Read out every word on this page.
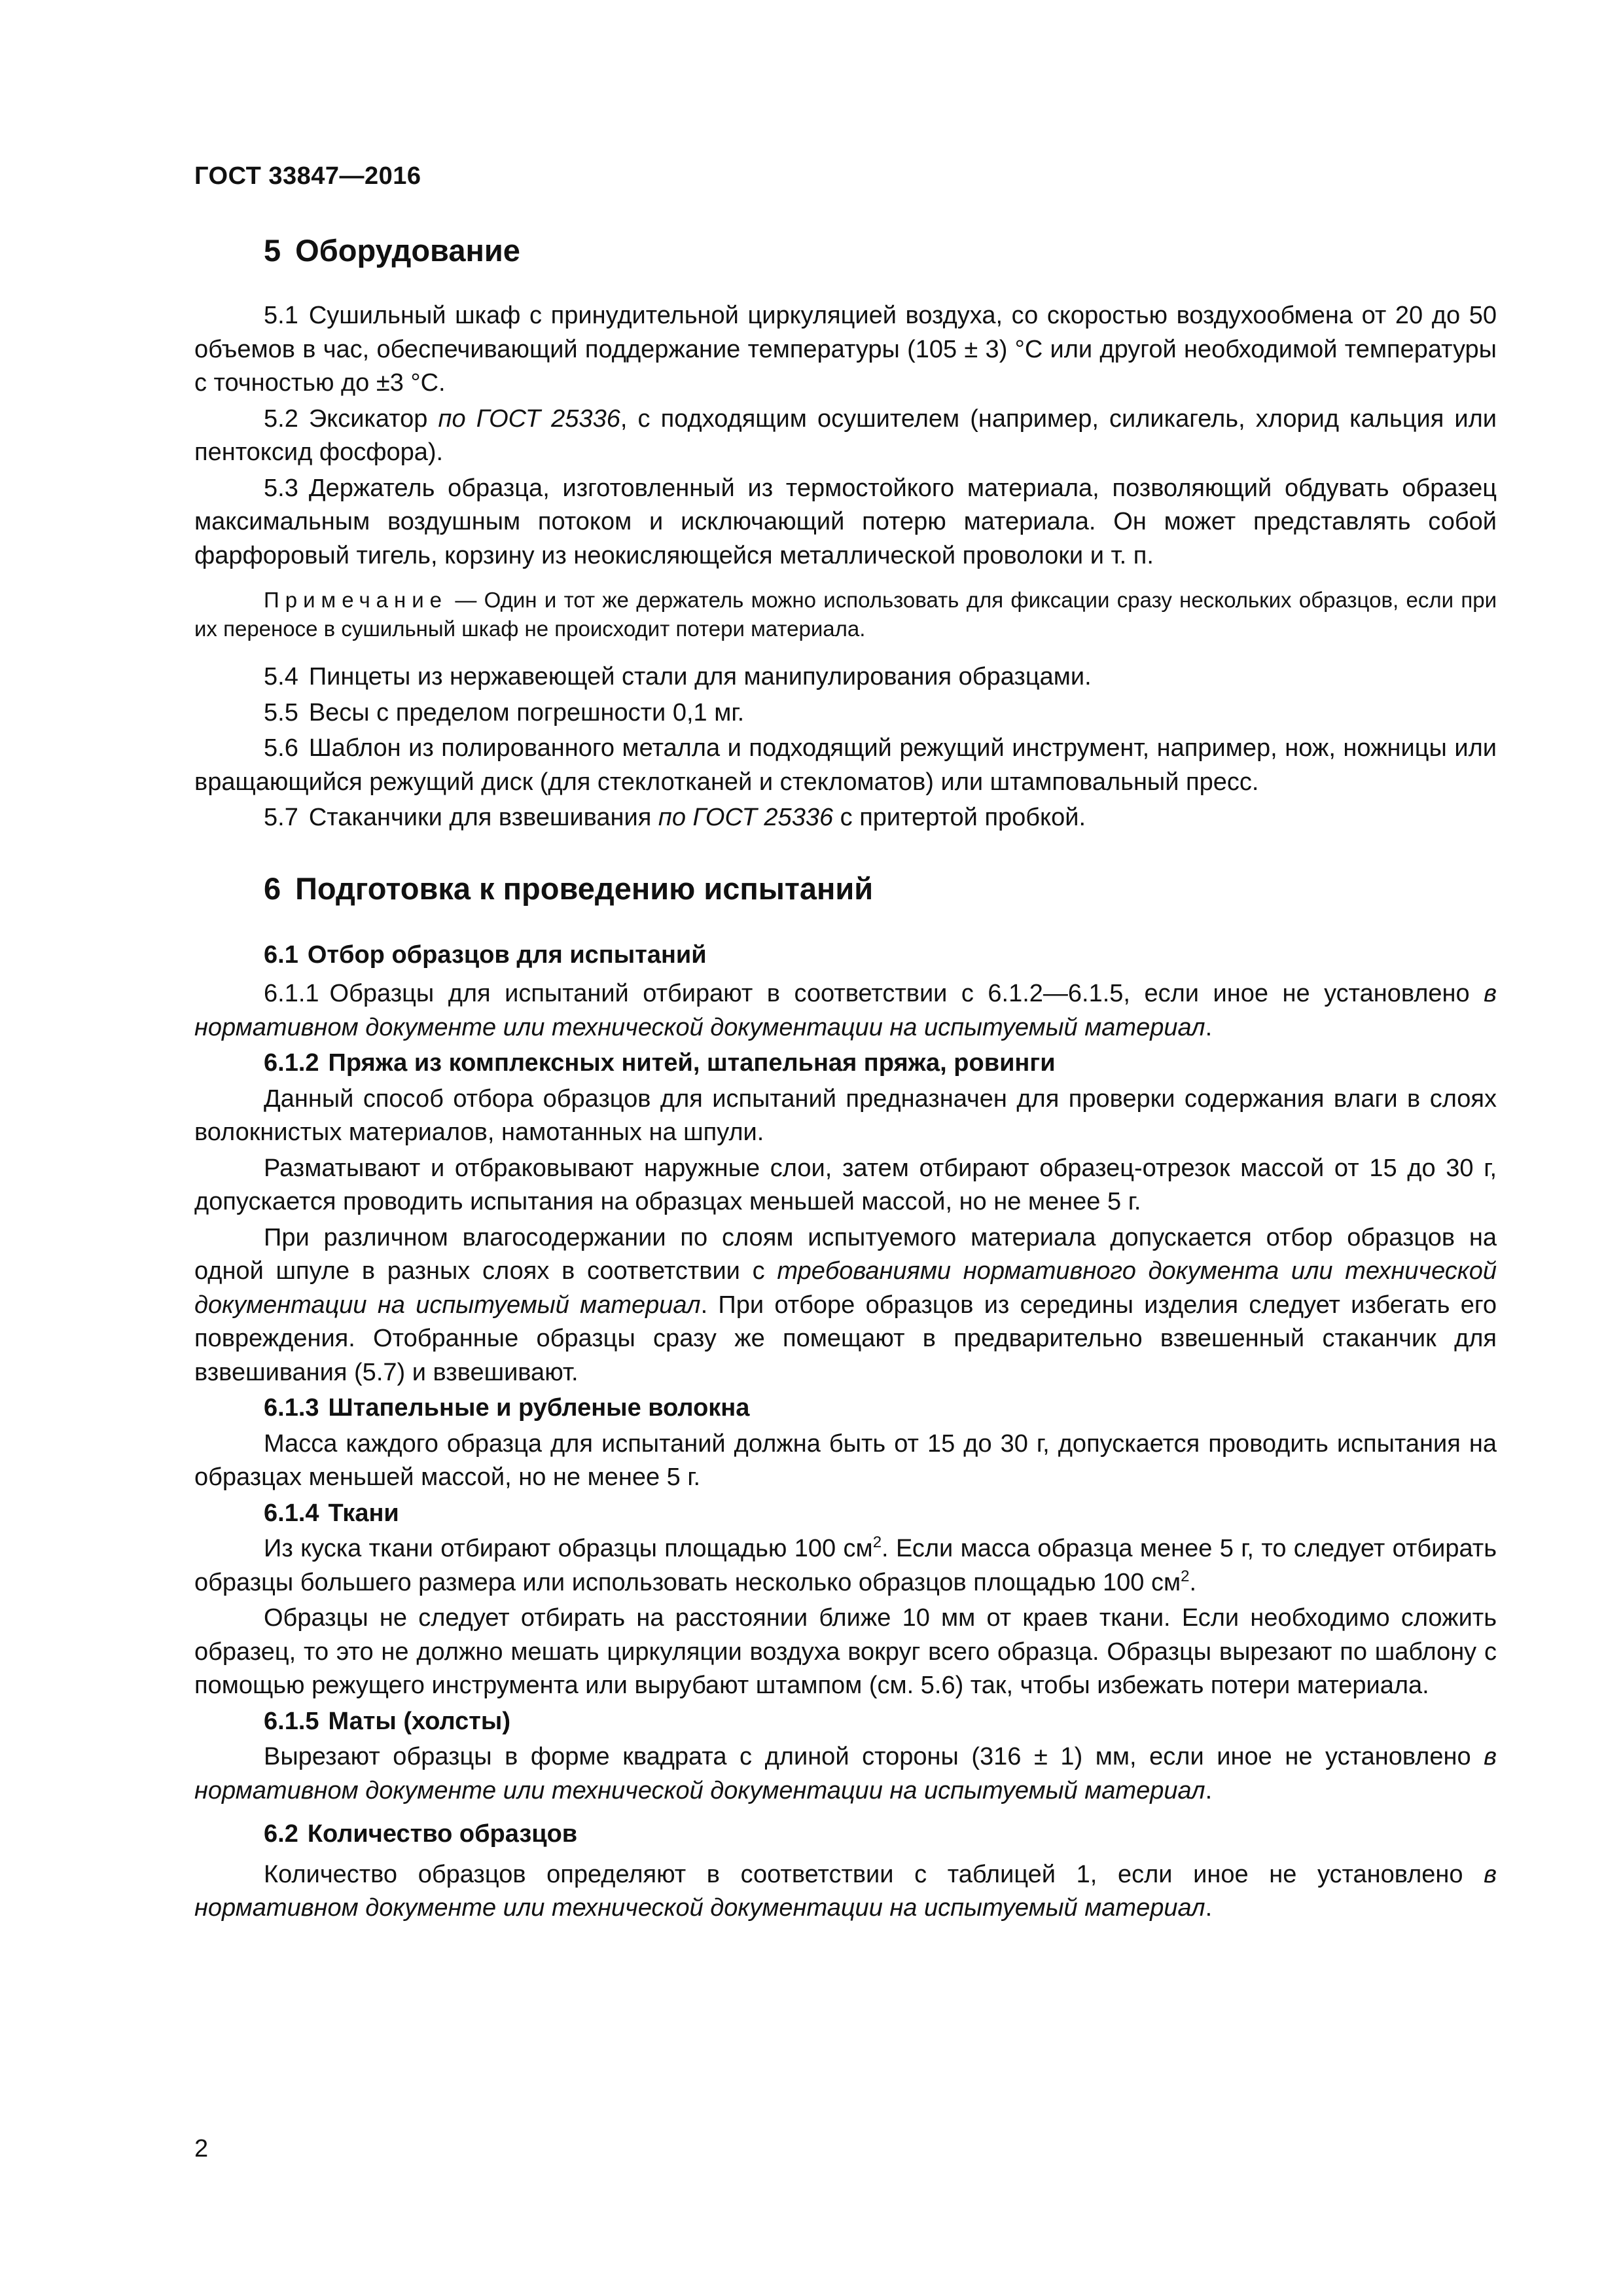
ГОСТ 33847—2016
5 Оборудование

5.1 Сушильный шкаф с принудительной циркуляцией воздуха, со скоростью воздухообмена от 20 до 50 объемов в час, обеспечивающий поддержание температуры (105 ± 3) °С или другой необходимой температуры с точностью до ±3 °С.

5.2 Эксикатор по ГОСТ 25336, с подходящим осушителем (например, силикагель, хлорид кальция или пентоксид фосфора).

5.3 Держатель образца, изготовленный из термостойкого материала, позволяющий обдувать образец максимальным воздушным потоком и исключающий потерю материала. Он может представлять собой фарфоровый тигель, корзину из неокисляющейся металлической проволоки и т. п.

Примечание — Один и тот же держатель можно использовать для фиксации сразу нескольких образцов, если при их переносе в сушильный шкаф не происходит потери материала.

5.4 Пинцеты из нержавеющей стали для манипулирования образцами.

5.5 Весы с пределом погрешности 0,1 мг.

5.6 Шаблон из полированного металла и подходящий режущий инструмент, например, нож, ножницы или вращающийся режущий диск (для стеклотканей и стекломатов) или штамповальный пресс.

5.7 Стаканчики для взвешивания по ГОСТ 25336 с притертой пробкой.

6 Подготовка к проведению испытаний
6.1 Отбор образцов для испытаний

6.1.1 Образцы для испытаний отбирают в соответствии с 6.1.2—6.1.5, если иное не установлено в нормативном документе или технической документации на испытуемый материал.

6.1.2 Пряжа из комплексных нитей, штапельная пряжа, ровинги

Данный способ отбора образцов для испытаний предназначен для проверки содержания влаги в слоях волокнистых материалов, намотанных на шпули.

Разматывают и отбраковывают наружные слои, затем отбирают образец-отрезок массой от 15 до 30 г, допускается проводить испытания на образцах меньшей массой, но не менее 5 г.

При различном влагосодержании по слоям испытуемого материала допускается отбор образцов на одной шпуле в разных слоях в соответствии с требованиями нормативного документа или технической документации на испытуемый материал. При отборе образцов из середины изделия следует избегать его повреждения. Отобранные образцы сразу же помещают в предварительно взвешенный стаканчик для взвешивания (5.7) и взвешивают.

6.1.3 Штапельные и рубленые волокна

Масса каждого образца для испытаний должна быть от 15 до 30 г, допускается проводить испытания на образцах меньшей массой, но не менее 5 г.

6.1.4 Ткани

Из куска ткани отбирают образцы площадью 100 $см^2$. Если масса образца менее 5 г, то следует отбирать образцы большего размера или использовать несколько образцов площадью 100 $см^2$.

Образцы не следует отбирать на расстоянии ближе 10 мм от краев ткани. Если необходимо сложить образец, то это не должно мешать циркуляции воздуха вокруг всего образца. Образцы вырезают по шаблону с помощью режущего инструмента или вырубают штампом (см. 5.6) так, чтобы избежать потери материала.

6.1.5 Маты (холсты)

Вырезают образцы в форме квадрата с длиной стороны (316 ± 1) мм, если иное не установлено в нормативном документе или технической документации на испытуемый материал.

6.2 Количество образцов

Количество образцов определяют в соответствии с таблицей 1, если иное не установлено в нормативном документе или технической документации на испытуемый материал.

2
